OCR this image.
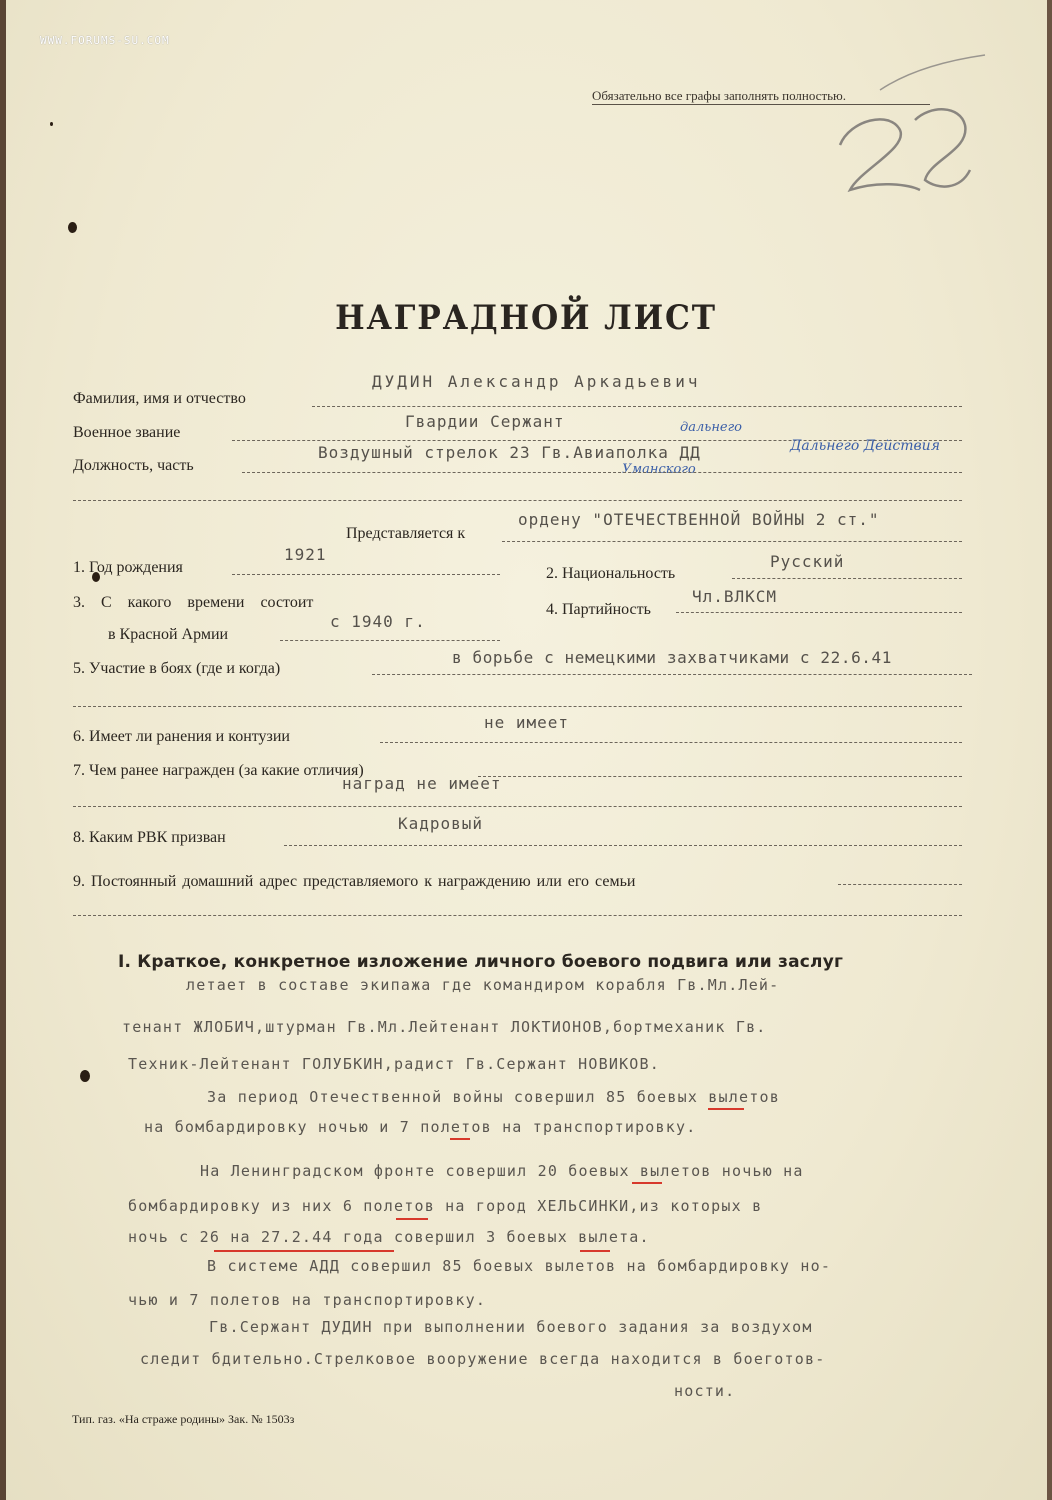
WWW.FORUMS-SU.COM
Обязательно все графы заполнять полностью.
НАГРАДНОЙ ЛИСТ
Фамилия, имя и отчество
ДУДИН Александр Аркадьевич
Военное звание
Гвардии Сержант
Должность, часть
Воздушный стрелок 23 Гв.Авиаполка ДД
дальнего
Дальнего Действия
Уманского
Представляется к
ордену "ОТЕЧЕСТВЕННОЙ ВОЙНЫ 2 ст."
1. Год рождения
1921
2. Национальность
Русский
3. С какого времени состоит
в Красной Армии
с 1940 г.
4. Партийность
Чл.ВЛКСМ
5. Участие в боях (где и когда)
в борьбе с немецкими захватчиками с 22.6.41
6. Имеет ли ранения и контузии
не имеет
7. Чем ранее награжден (за какие отличия)
наград не имеет
8. Каким РВК призван
Кадровый
9. Постоянный домашний адрес представляемого к награждению или его семьи
I. Краткое, конкретное изложение личного боевого подвига или заслуг
летает в составе экипажа где командиром корабля Гв.Мл.Лей-
тенант ЖЛОБИЧ,штурман Гв.Мл.Лейтенант ЛОКТИОНОВ,бортмеханик Гв.
Техник-Лейтенант ГОЛУБКИН,радист Гв.Сержант НОВИКОВ.
За период Отечественной войны совершил 85 боевых вылетов
на бомбардировку ночью и 7 полетов на транспортировку.
На Ленинградском фронте совершил 20 боевых вылетов ночью на
бомбардировку из них 6 полетов на город ХЕЛЬСИНКИ,из которых в
ночь с 26 на 27.2.44 года совершил 3 боевых вылета.
В системе АДД совершил 85 боевых вылетов на бомбардировку но-
чью и 7 полетов на транспортировку.
Гв.Сержант ДУДИН при выполнении боевого задания за воздухом
следит бдительно.Стрелковое вооружение всегда находится в боеготов-
ности.
Тип. газ. «На страже родины» Зак. № 1503з
